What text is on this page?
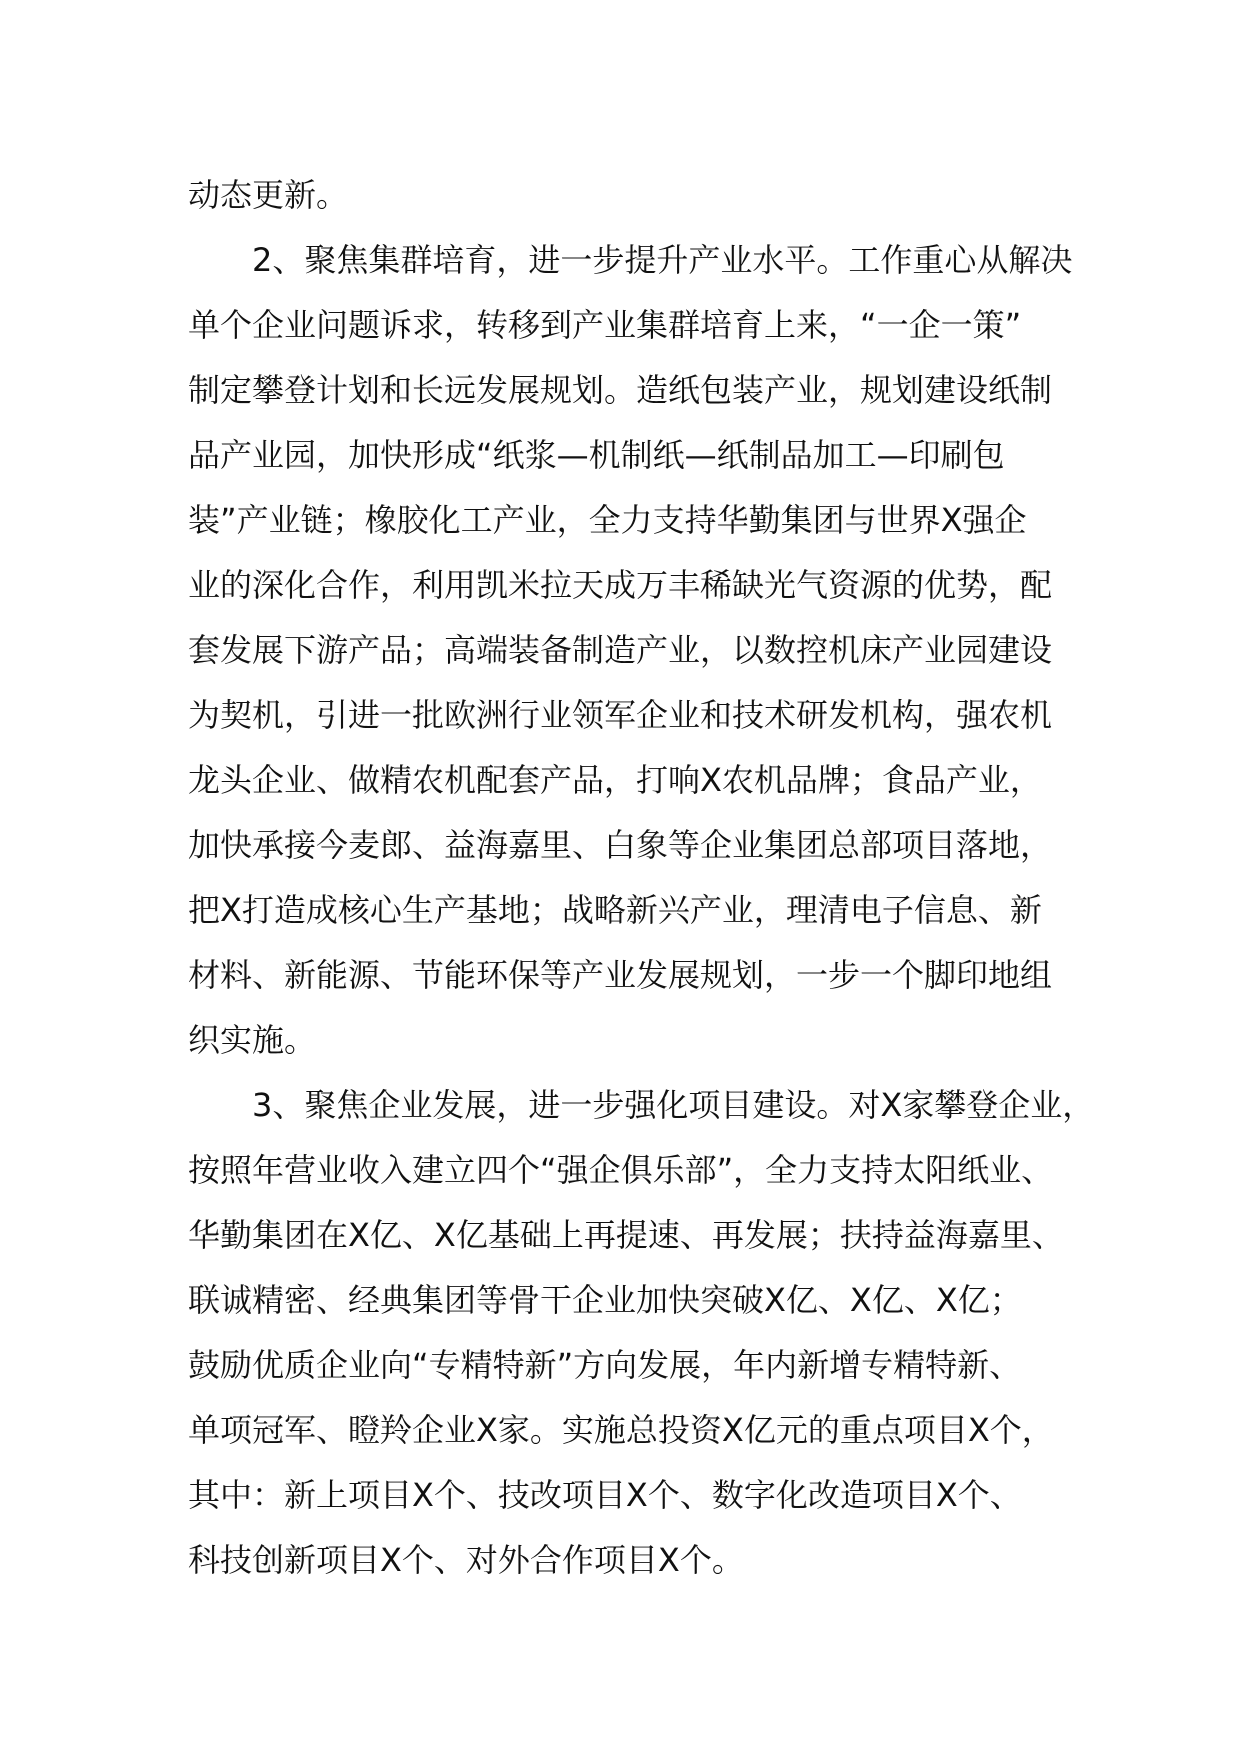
动态更新。

2、聚焦集群培育，进一步提升产业水平。工作重心从解决
单个企业问题诉求，转移到产业集群培育上来，“一企一策”
制定攀登计划和长远发展规划。造纸包装产业，规划建设纸制
品产业园，加快形成“纸浆—机制纸—纸制品加工—印刷包
装”产业链；橡胶化工产业，全力支持华勤集团与世界X强企
业的深化合作，利用凯米拉天成万丰稀缺光气资源的优势，配
套发展下游产品；高端装备制造产业，以数控机床产业园建设
为契机，引进一批欧洲行业领军企业和技术研发机构，强农机
龙头企业、做精农机配套产品，打响X农机品牌；食品产业，
加快承接今麦郎、益海嘉里、白象等企业集团总部项目落地，
把X打造成核心生产基地；战略新兴产业，理清电子信息、新
材料、新能源、节能环保等产业发展规划，一步一个脚印地组
织实施。

3、聚焦企业发展，进一步强化项目建设。对X家攀登企业，
按照年营业收入建立四个“强企俱乐部”，全力支持太阳纸业、
华勤集团在X亿、X亿基础上再提速、再发展；扶持益海嘉里、
联诚精密、经典集团等骨干企业加快突破X亿、X亿、X亿；
鼓励优质企业向“专精特新”方向发展，年内新增专精特新、
单项冠军、瞪羚企业X家。实施总投资X亿元的重点项目X个，
其中：新上项目X个、技改项目X个、数字化改造项目X个、
科技创新项目X个、对外合作项目X个。
